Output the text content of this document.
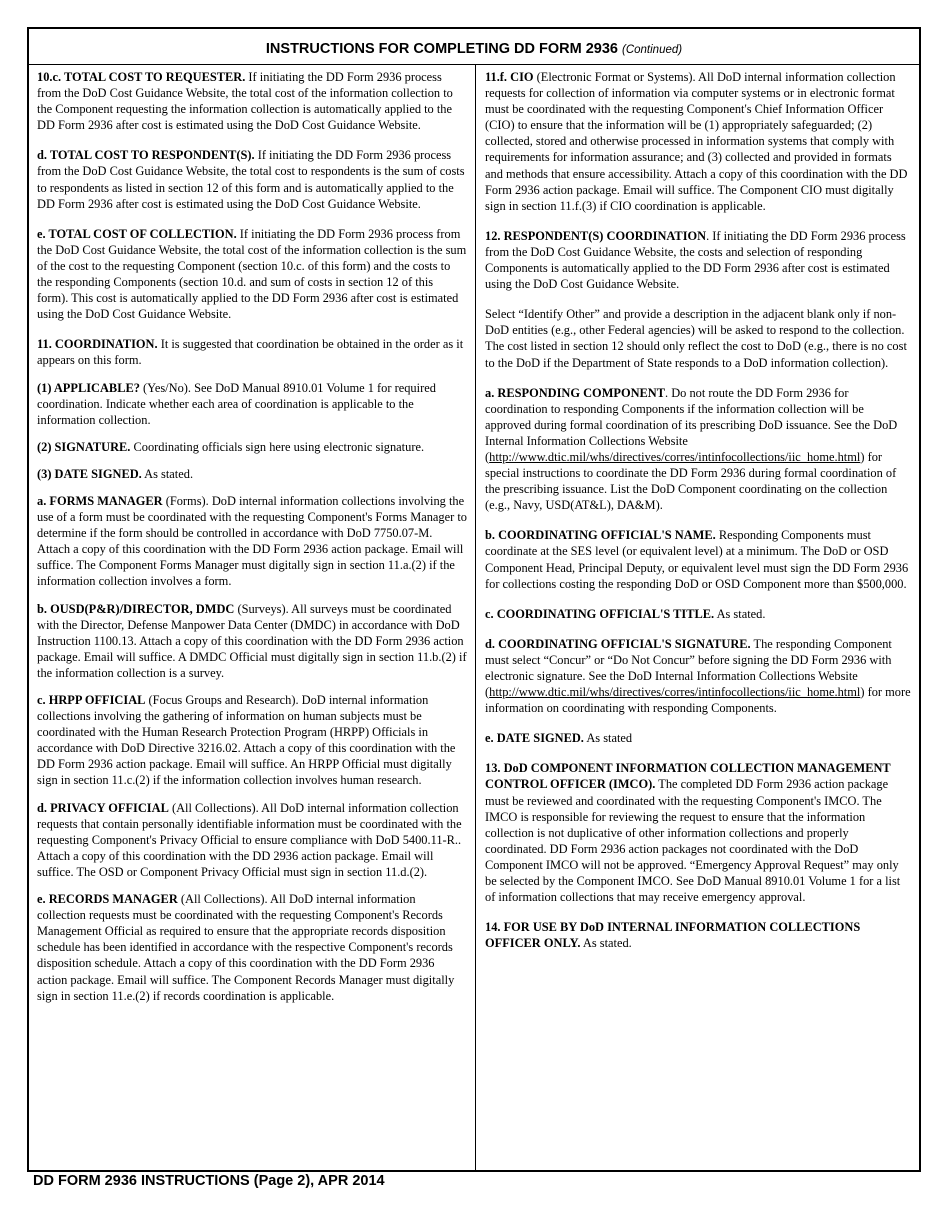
INSTRUCTIONS FOR COMPLETING DD FORM 2936 (Continued)

10.c. TOTAL COST TO REQUESTER. If initiating the DD Form 2936 process from the DoD Cost Guidance Website, the total cost of the information collection to the Component requesting the information collection is automatically applied to the DD Form 2936 after cost is estimated using the DoD Cost Guidance Website.

d. TOTAL COST TO RESPONDENT(S). If initiating the DD Form 2936 process from the DoD Cost Guidance Website, the total cost to respondents is the sum of costs to respondents as listed in section 12 of this form and is automatically applied to the DD Form 2936 after cost is estimated using the DoD Cost Guidance Website.

e. TOTAL COST OF COLLECTION. If initiating the DD Form 2936 process from the DoD Cost Guidance Website, the total cost of the information collection is the sum of the cost to the requesting Component (section 10.c. of this form) and the costs to the responding Components (section 10.d. and sum of costs in section 12 of this form). This cost is automatically applied to the DD Form 2936 after cost is estimated using the DoD Cost Guidance Website.

11. COORDINATION. It is suggested that coordination be obtained in the order as it appears on this form.

(1) APPLICABLE? (Yes/No). See DoD Manual 8910.01 Volume 1 for required coordination. Indicate whether each area of coordination is applicable to the information collection.

(2) SIGNATURE. Coordinating officials sign here using electronic signature.

(3) DATE SIGNED. As stated.

a. FORMS MANAGER (Forms). DoD internal information collections involving the use of a form must be coordinated with the requesting Component's Forms Manager to determine if the form should be controlled in accordance with DoD 7750.07-M. Attach a copy of this coordination with the DD Form 2936 action package. Email will suffice. The Component Forms Manager must digitally sign in section 11.a.(2) if the information collection involves a form.

b. OUSD(P&R)/DIRECTOR, DMDC (Surveys). All surveys must be coordinated with the Director, Defense Manpower Data Center (DMDC) in accordance with DoD Instruction 1100.13. Attach a copy of this coordination with the DD Form 2936 action package. Email will suffice. A DMDC Official must digitally sign in section 11.b.(2) if the information collection is a survey.

c. HRPP OFFICIAL (Focus Groups and Research). DoD internal information collections involving the gathering of information on human subjects must be coordinated with the Human Research Protection Program (HRPP) Officials in accordance with DoD Directive 3216.02. Attach a copy of this coordination with the DD Form 2936 action package. Email will suffice. An HRPP Official must digitally sign in section 11.c.(2) if the information collection involves human research.

d. PRIVACY OFFICIAL (All Collections). All DoD internal information collection requests that contain personally identifiable information must be coordinated with the requesting Component's Privacy Official to ensure compliance with DoD 5400.11-R.. Attach a copy of this coordination with the DD 2936 action package. Email will suffice. The OSD or Component Privacy Official must sign in section 11.d.(2).

e. RECORDS MANAGER (All Collections). All DoD internal information collection requests must be coordinated with the requesting Component's Records Management Official as required to ensure that the appropriate records disposition schedule has been identified in accordance with the respective Component's records disposition schedule. Attach a copy of this coordination with the DD Form 2936 action package. Email will suffice. The Component Records Manager must digitally sign in section 11.e.(2) if records coordination is applicable.

11.f. CIO (Electronic Format or Systems). All DoD internal information collection requests for collection of information via computer systems or in electronic format must be coordinated with the requesting Component's Chief Information Officer (CIO) to ensure that the information will be (1) appropriately safeguarded; (2) collected, stored and otherwise processed in information systems that comply with requirements for information assurance; and (3) collected and provided in formats and methods that ensure accessibility. Attach a copy of this coordination with the DD Form 2936 action package. Email will suffice. The Component CIO must digitally sign in section 11.f.(3) if CIO coordination is applicable.

12. RESPONDENT(S) COORDINATION. If initiating the DD Form 2936 process from the DoD Cost Guidance Website, the costs and selection of responding Components is automatically applied to the DD Form 2936 after cost is estimated using the DoD Cost Guidance Website.

Select “Identify Other” and provide a description in the adjacent blank only if non-DoD entities (e.g., other Federal agencies) will be asked to respond to the collection. The cost listed in section 12 should only reflect the cost to DoD (e.g., there is no cost to the DoD if the Department of State responds to a DoD information collection).

a. RESPONDING COMPONENT. Do not route the DD Form 2936 for coordination to responding Components if the information collection will be approved during formal coordination of its prescribing DoD issuance. See the DoD Internal Information Collections Website (http://www.dtic.mil/whs/directives/corres/intinfocollections/iic_home.html) for special instructions to coordinate the DD Form 2936 during formal coordination of the prescribing issuance. List the DoD Component coordinating on the collection (e.g., Navy, USD(AT&L), DA&M).

b. COORDINATING OFFICIAL'S NAME. Responding Components must coordinate at the SES level (or equivalent level) at a minimum. The DoD or OSD Component Head, Principal Deputy, or equivalent level must sign the DD Form 2936 for collections costing the responding DoD or OSD Component more than $500,000.

c. COORDINATING OFFICIAL'S TITLE. As stated.

d. COORDINATING OFFICIAL'S SIGNATURE. The responding Component must select “Concur” or “Do Not Concur” before signing the DD Form 2936 with electronic signature. See the DoD Internal Information Collections Website (http://www.dtic.mil/whs/directives/corres/intinfocollections/iic_home.html) for more information on coordinating with responding Components.

e. DATE SIGNED. As stated

13. DoD COMPONENT INFORMATION COLLECTION MANAGEMENT CONTROL OFFICER (IMCO). The completed DD Form 2936 action package must be reviewed and coordinated with the requesting Component's IMCO. The IMCO is responsible for reviewing the request to ensure that the information collection is not duplicative of other information collections and properly coordinated. DD Form 2936 action packages not coordinated with the DoD Component IMCO will not be approved. “Emergency Approval Request” may only be selected by the Component IMCO. See DoD Manual 8910.01 Volume 1 for a list of information collections that may receive emergency approval.

14. FOR USE BY DoD INTERNAL INFORMATION COLLECTIONS OFFICER ONLY. As stated.

DD FORM 2936 INSTRUCTIONS (Page 2), APR 2014
